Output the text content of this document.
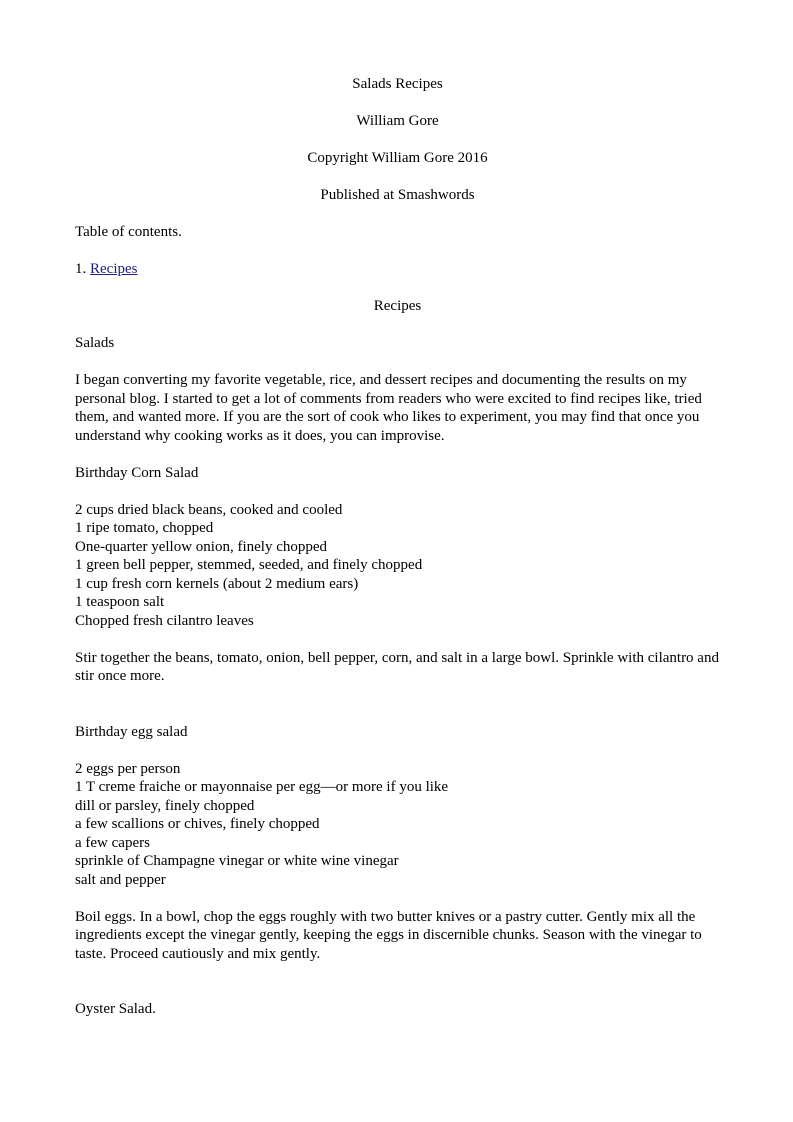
Salads Recipes
William Gore
Copyright William Gore 2016
Published at Smashwords
Table of contents.
1. Recipes
Recipes
Salads

I began converting my favorite vegetable, rice, and dessert recipes and documenting the results on my personal blog. I started to get a lot of comments from readers who were excited to find recipes like, tried them, and wanted more. If you are the sort of cook who likes to experiment, you may find that once you understand why cooking works as it does, you can improvise.

Birthday Corn Salad
2 cups dried black beans, cooked and cooled
1 ripe tomato, chopped
One-quarter yellow onion, finely chopped
1 green bell pepper, stemmed, seeded, and finely chopped
1 cup fresh corn kernels (about 2 medium ears)
1 teaspoon salt
Chopped fresh cilantro leaves

Stir together the beans, tomato, onion, bell pepper, corn, and salt in a large bowl. Sprinkle with cilantro and stir once more.

Birthday egg salad
2 eggs per person
1 T creme fraiche or mayonnaise per egg—or more if you like
dill or parsley, finely chopped
a few scallions or chives, finely chopped
a few capers
sprinkle of Champagne vinegar or white wine vinegar
salt and pepper

Boil eggs. In a bowl, chop the eggs roughly with two butter knives or a pastry cutter. Gently mix all the ingredients except the vinegar gently, keeping the eggs in discernible chunks. Season with the vinegar to taste. Proceed cautiously and mix gently.

Oyster Salad.
